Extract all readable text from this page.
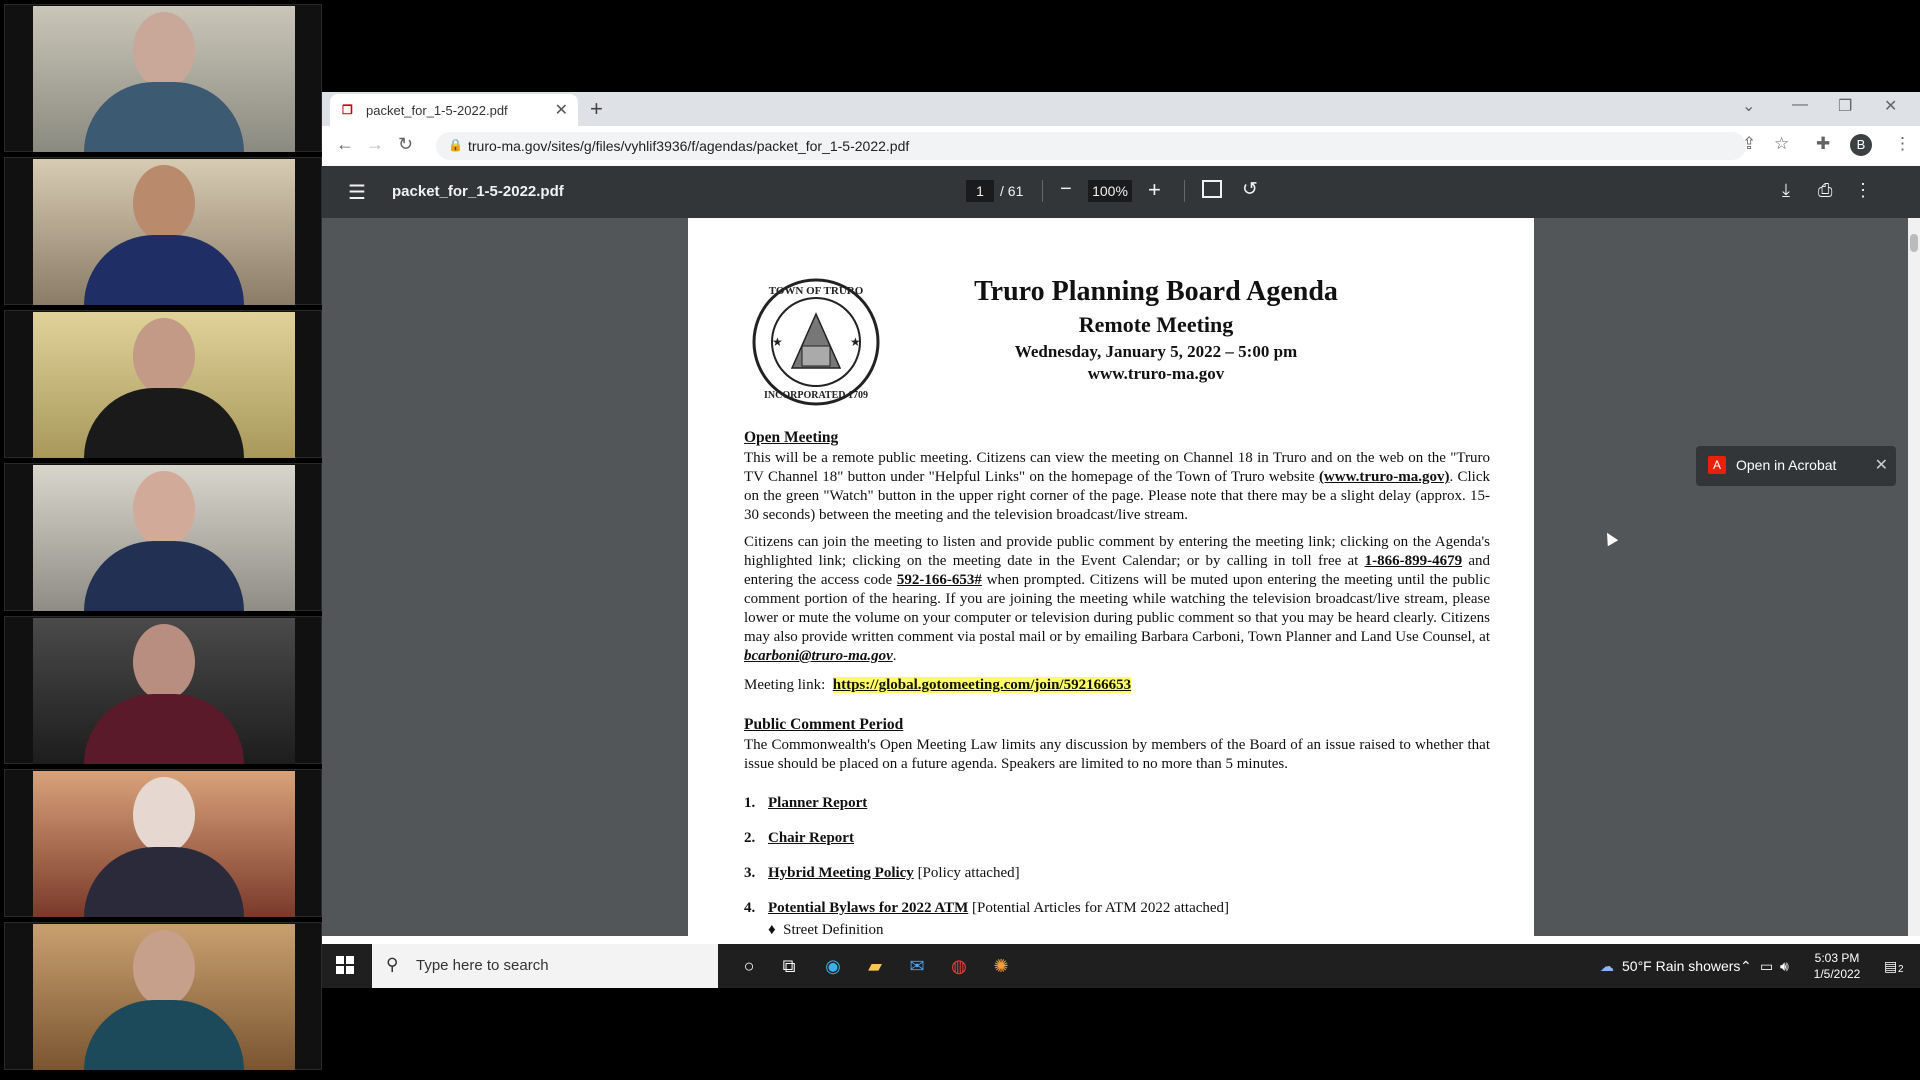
❐	packet_for_1-5-2022.pdf	✕ +	⌄ — ❐ ✕
← → ↻	🔒 truro-ma.gov/sites/g/files/vyhlif3936/f/agendas/packet_for_1-5-2022.pdf	⇪ ☆ ✚	B	⋮
☰ packet_for_1-5-2022.pdf	1	/ 61 − 100% +	↺	⤓ ⎙ ⋮
TOWN OF TRURO
INCORPORATED 1709
★	★
Truro Planning Board Agenda
Remote Meeting
Wednesday, January 5, 2022 – 5:00 pm
www.truro-ma.gov

Open Meeting

This will be a remote public meeting. Citizens can view the meeting on Channel 18 in Truro and on the web on the "Truro TV Channel 18" button under "Helpful Links" on the homepage of the Town of Truro website (www.truro-ma.gov). Click on the green "Watch" button in the upper right corner of the page. Please note that there may be a slight delay (approx. 15-30 seconds) between the meeting and the television broadcast/live stream.

Citizens can join the meeting to listen and provide public comment by entering the meeting link; clicking on the Agenda's highlighted link; clicking on the meeting date in the Event Calendar; or by calling in toll free at 1-866-899-4679 and entering the access code 592-166-653# when prompted. Citizens will be muted upon entering the meeting until the public comment portion of the hearing. If you are joining the meeting while watching the television broadcast/live stream, please lower or mute the volume on your computer or television during public comment so that you may be heard clearly. Citizens may also provide written comment via postal mail or by emailing Barbara Carboni, Town Planner and Land Use Counsel, at bcarboni@truro-ma.gov.

Meeting link: https://global.gotomeeting.com/join/592166653

Public Comment Period

The Commonwealth's Open Meeting Law limits any discussion by members of the Board of an issue raised to whether that issue should be placed on a future agenda. Speakers are limited to no more than 5 minutes.

1. Planner Report
2. Chair Report
3. Hybrid Meeting Policy [Policy attached]
4. Potential Bylaws for 2022 ATM [Potential Articles for ATM 2022 attached]
♦ Street Definition
A	Open in Acrobat ✕
⚲ Type here to search	○	⧉	◉	▰	✉	◍	✺	☁ 50°F Rain showers ⌃ ▭ 🔊︎	5:03 PM
1/5/2022	▤ 2
